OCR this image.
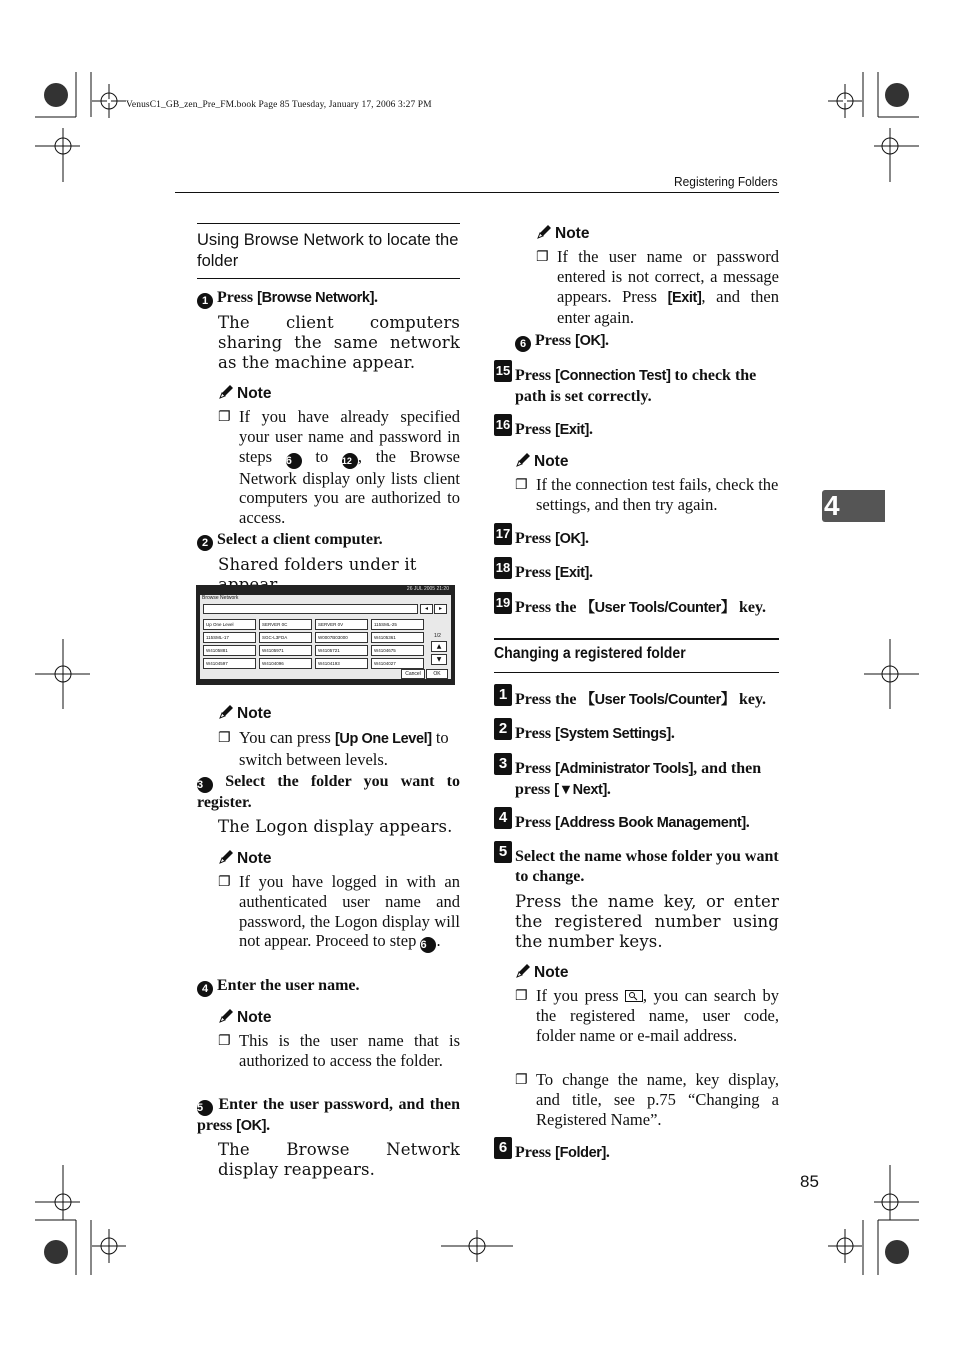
VenusC1_GB_zen_Pre_FM.book Page 85 Tuesday, January 17, 2006 3:27 PM
Registering Folders
4
85
Using Browse Network to locate the folder
1 Press [Browse Network].
The client computers sharing the same network as the machine appear.
Note
❐ If you have already specified your user name and password in steps 6 to 12 , the Browse Network display only lists client computers you are authorized to access.
2 Select a client computer.
Shared folders under it
26 JUL 2005 21:20
Browse Network
◂	▸
Up One Level	SERVER 0C	SERVER 0V	115SML-25
115SML-17	SGC-L3FDA	W0007B03000	W4105361
W4105881	W4105971	W4105721	W4104675
W4104597	W4104096	W4104193	W4104027
1/2
▲
▼
Cancel	OK
Note
❐ You can press [Up One Level] to switch between levels.
3 Select the folder you want to register.
The Logon display appears.
Note
❐ If you have logged in with an authenticated user name and password, the Logon display will not appear. Proceed to step 6 .
4 Enter the user name.
Note
❐ This is the user name that is authorized to access the folder.
5 Enter the user password, and then press [OK].
The Browse Network display reappears.
Note
❐ If the user name or password entered is not correct, a message appears. Press [Exit], and then enter again.
6 Press [OK].
15 Press [Connection Test] to check the path is set correctly.
16 Press [Exit].
Note
❐ If the connection test fails, check the settings, and then try again.
17 Press [OK].
18 Press [Exit].
19 Press the 【User Tools/Counter】 key.
Changing a registered folder
1 Press the 【User Tools/Counter】 key.
2 Press [System Settings].
3 Press [Administrator Tools], and then press [▼Next].
4 Press [Address Book Management].
5 Select the name whose folder you want to change.
Press the name key, or enter the registered number using the number keys.
Note
❐ If you press , you can search by the registered name, user code, folder name or e-mail address.
❐ To change the name, key display, and title, see p.75 “Changing a Registered Name”.
6 Press [Folder].
